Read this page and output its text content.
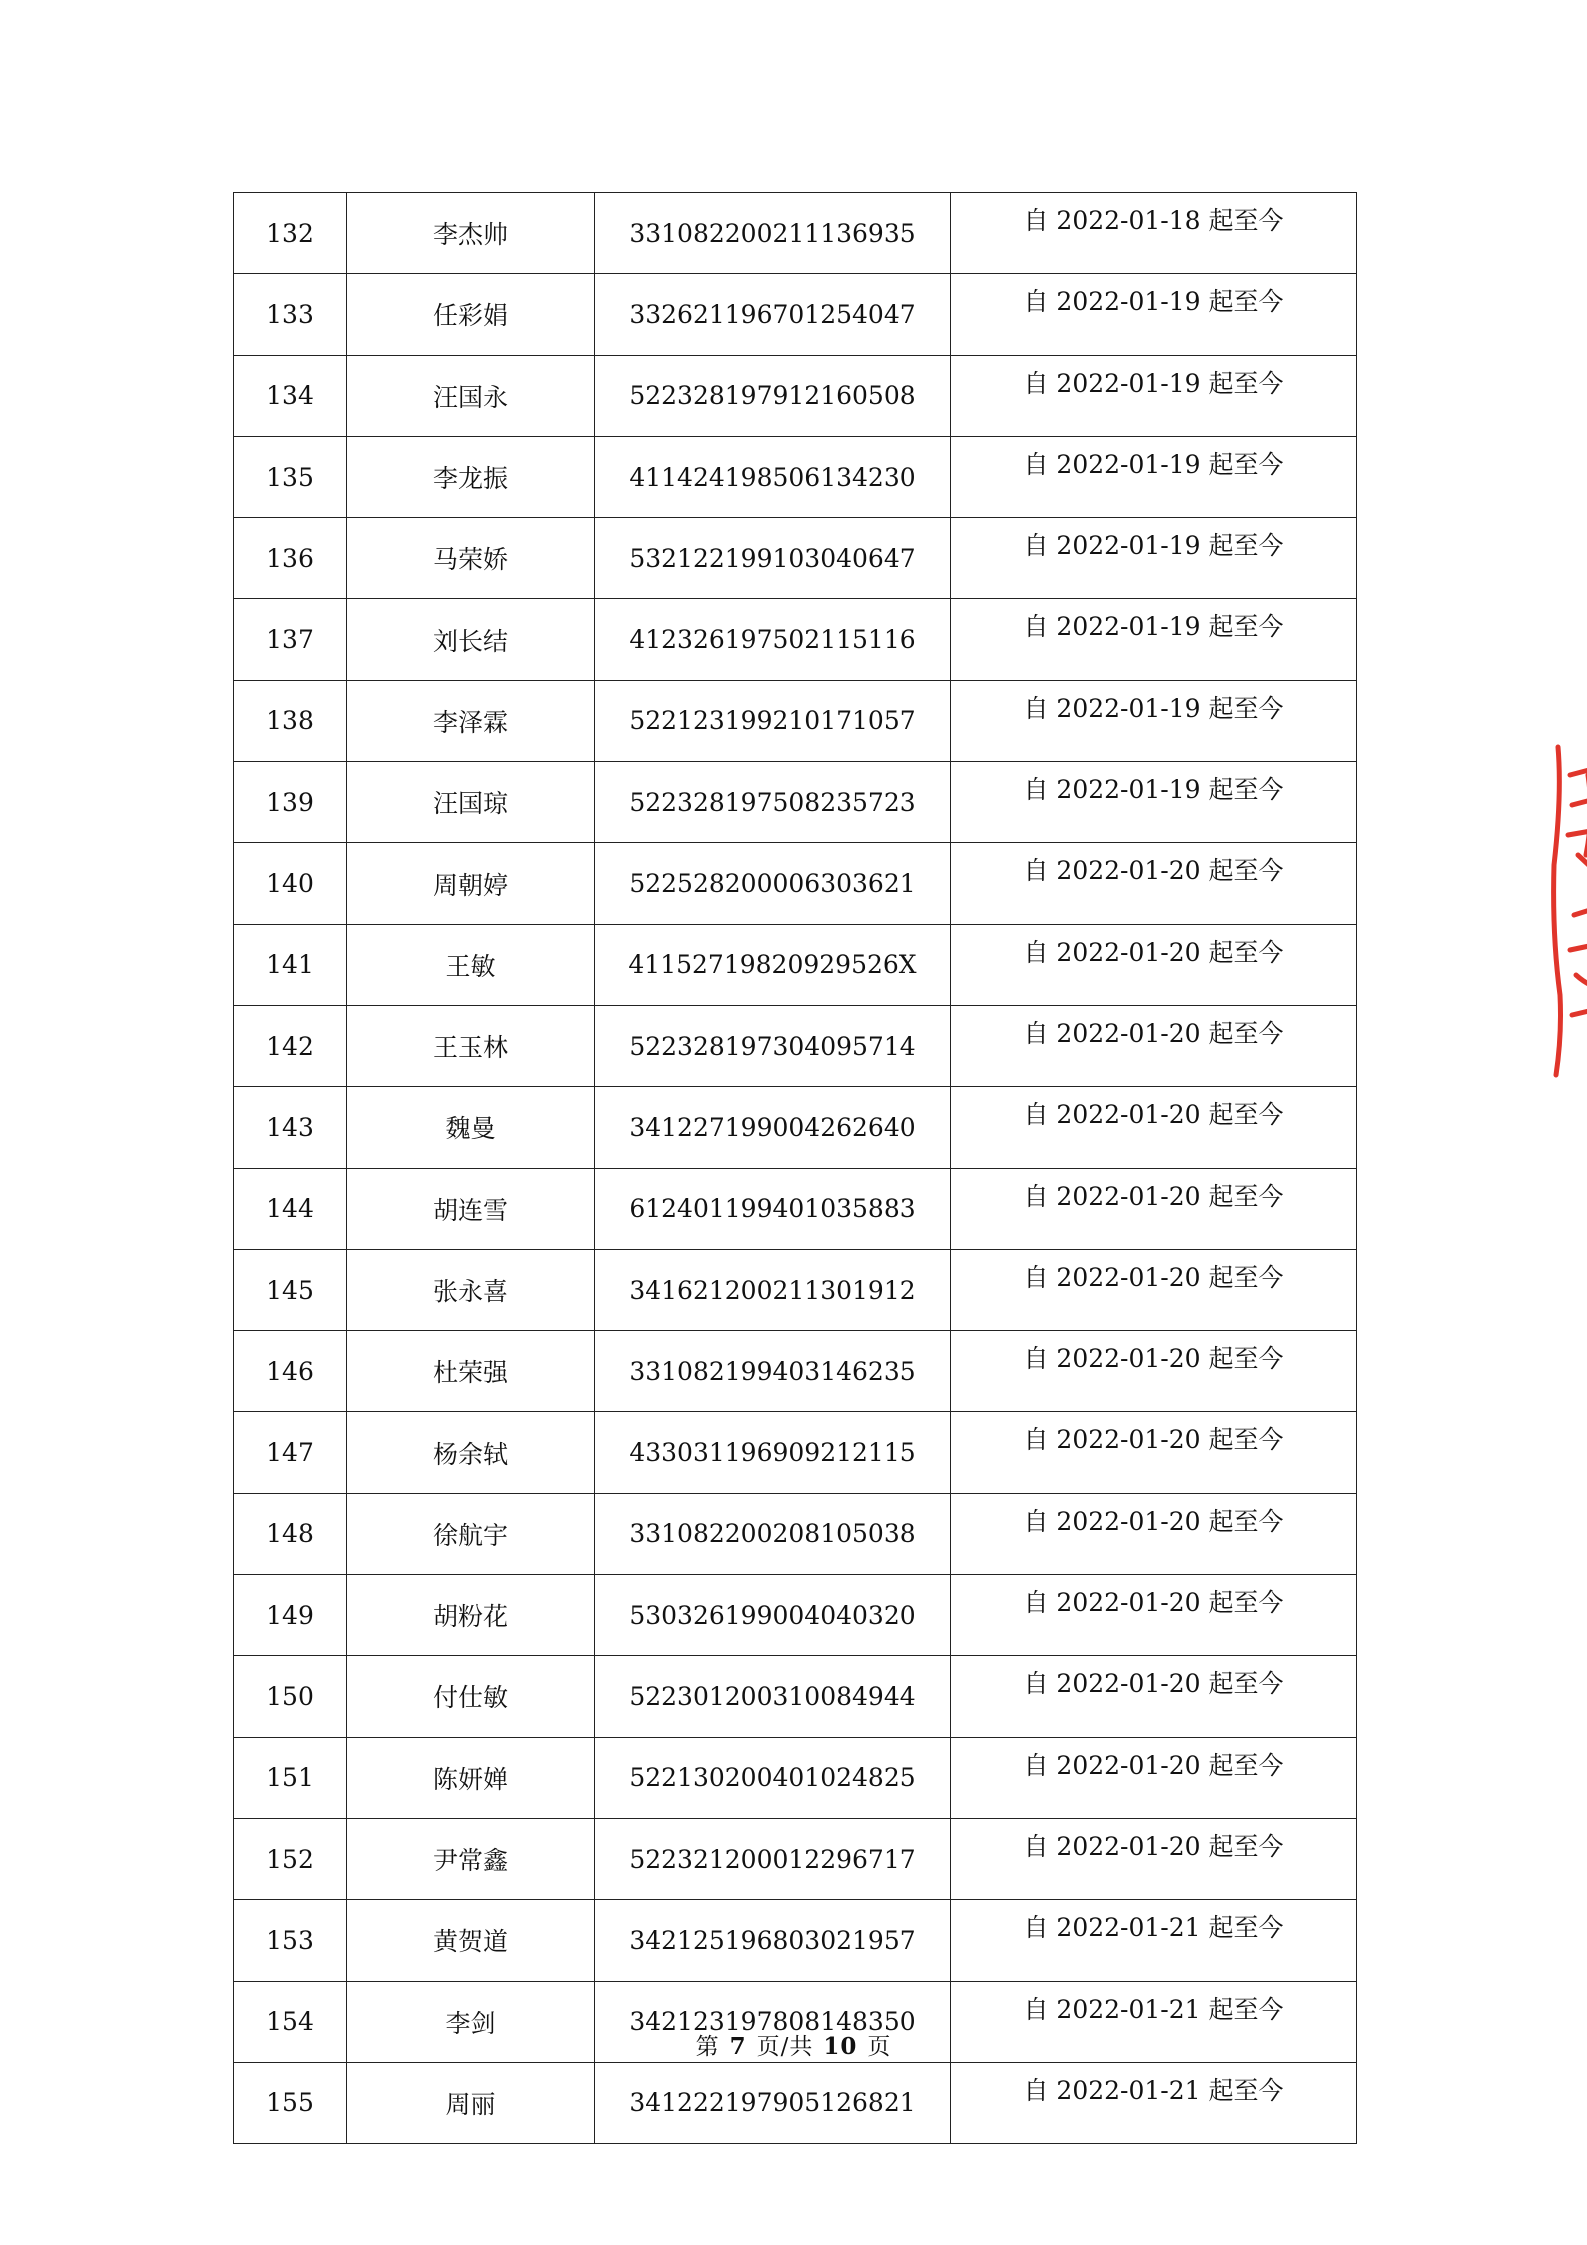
132	李杰帅	331082200211136935	自 2022-01-18 起至今
133	任彩娟	332621196701254047	自 2022-01-19 起至今
134	汪国永	522328197912160508	自 2022-01-19 起至今
135	李龙振	411424198506134230	自 2022-01-19 起至今
136	马荣娇	532122199103040647	自 2022-01-19 起至今
137	刘长结	412326197502115116	自 2022-01-19 起至今
138	李泽霖	522123199210171057	自 2022-01-19 起至今
139	汪国琼	522328197508235723	自 2022-01-19 起至今
140	周朝婷	522528200006303621	自 2022-01-20 起至今
141	王敏	41152719820929526X	自 2022-01-20 起至今
142	王玉林	522328197304095714	自 2022-01-20 起至今
143	魏曼	341227199004262640	自 2022-01-20 起至今
144	胡连雪	612401199401035883	自 2022-01-20 起至今
145	张永喜	341621200211301912	自 2022-01-20 起至今
146	杜荣强	331082199403146235	自 2022-01-20 起至今
147	杨余轼	433031196909212115	自 2022-01-20 起至今
148	徐航宇	331082200208105038	自 2022-01-20 起至今
149	胡粉花	530326199004040320	自 2022-01-20 起至今
150	付仕敏	522301200310084944	自 2022-01-20 起至今
151	陈妍婵	522130200401024825	自 2022-01-20 起至今
152	尹常鑫	522321200012296717	自 2022-01-20 起至今
153	黄贺道	342125196803021957	自 2022-01-21 起至今
154	李剑	342123197808148350	自 2022-01-21 起至今
155	周丽	341222197905126821	自 2022-01-21 起至今
第 7 页/共 10 页
